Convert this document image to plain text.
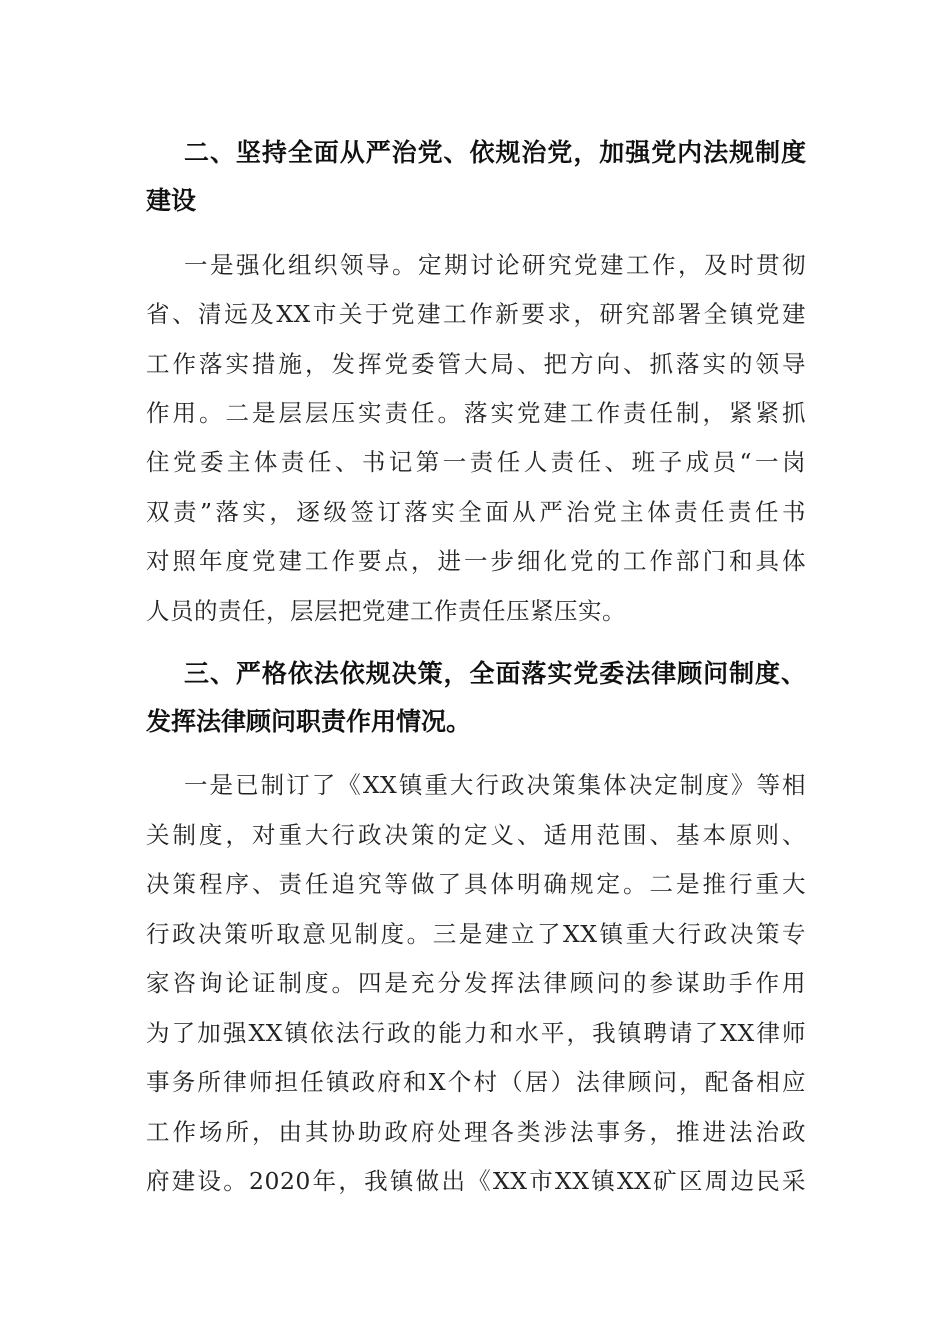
二、坚持全面从严治党、依规治党，加强党内法规制度
建设
一是强化组织领导。定期讨论研究党建工作，及时贯彻
省、清远及XX市关于党建工作新要求，研究部署全镇党建
工作落实措施，发挥党委管大局、把方向、抓落实的领导
作用。二是层层压实责任。落实党建工作责任制，紧紧抓
住党委主体责任、书记第一责任人责任、班子成员“一岗
双责”落实，逐级签订落实全面从严治党主体责任责任书
对照年度党建工作要点，进一步细化党的工作部门和具体
人员的责任，层层把党建工作责任压紧压实。
三、严格依法依规决策，全面落实党委法律顾问制度、
发挥法律顾问职责作用情况。
一是已制订了《XX镇重大行政决策集体决定制度》等相
关制度，对重大行政决策的定义、适用范围、基本原则、
决策程序、责任追究等做了具体明确规定。二是推行重大
行政决策听取意见制度。三是建立了XX镇重大行政决策专
家咨询论证制度。四是充分发挥法律顾问的参谋助手作用
为了加强XX镇依法行政的能力和水平，我镇聘请了XX律师
事务所律师担任镇政府和X个村（居）法律顾问，配备相应
工作场所，由其协助政府处理各类涉法事务，推进法治政
府建设。2020年，我镇做出《XX市XX镇XX矿区周边民采
